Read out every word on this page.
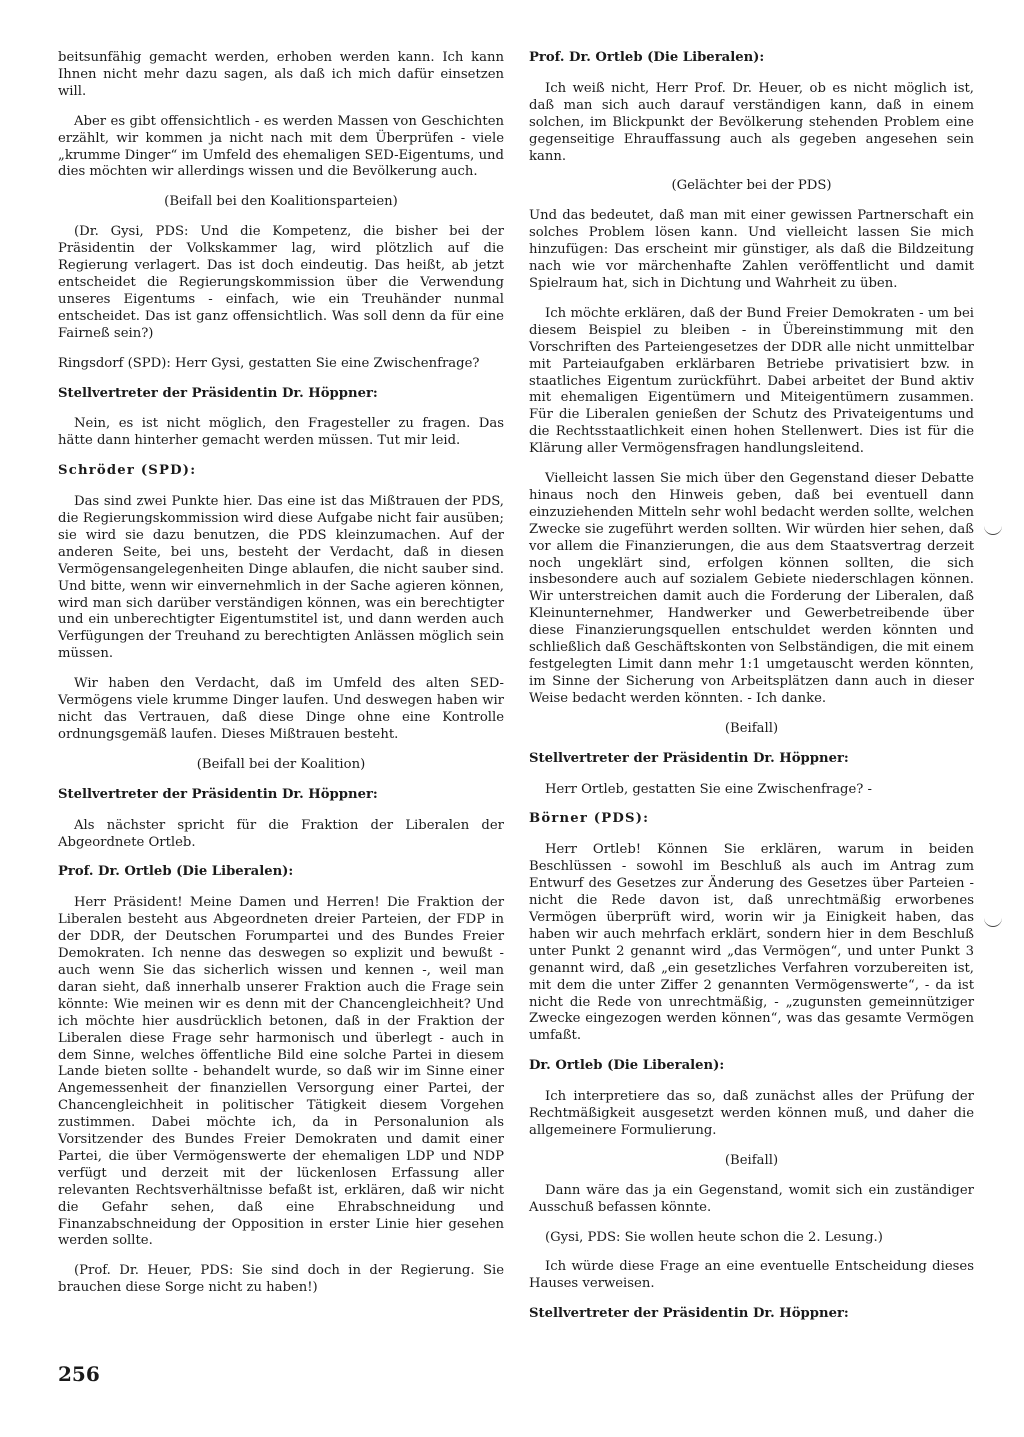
beitsunfähig gemacht werden, erhoben werden kann. Ich kann Ihnen nicht mehr dazu sagen, als daß ich mich dafür einsetzen will.

Aber es gibt offensichtlich - es werden Massen von Geschichten erzählt, wir kommen ja nicht nach mit dem Überprüfen - viele „krumme Dinger“ im Umfeld des ehemaligen SED-Eigentums, und dies möchten wir allerdings wissen und die Bevölkerung auch.

(Beifall bei den Koalitionsparteien)

(Dr. Gysi, PDS: Und die Kompetenz, die bisher bei der Präsidentin der Volkskammer lag, wird plötzlich auf die Regierung verlagert. Das ist doch eindeutig. Das heißt, ab jetzt entscheidet die Regierungskommission über die Verwendung unseres Eigentums - einfach, wie ein Treuhänder nunmal entscheidet. Das ist ganz offensichtlich. Was soll denn da für eine Fairneß sein?)

Ringsdorf (SPD): Herr Gysi, gestatten Sie eine Zwischenfrage?

Stellvertreter der Präsidentin Dr. Höppner:

Nein, es ist nicht möglich, den Fragesteller zu fragen. Das hätte dann hinterher gemacht werden müssen. Tut mir leid.

Schröder (SPD):

Das sind zwei Punkte hier. Das eine ist das Mißtrauen der PDS, die Regierungskommission wird diese Aufgabe nicht fair ausüben; sie wird sie dazu benutzen, die PDS kleinzumachen. Auf der anderen Seite, bei uns, besteht der Verdacht, daß in diesen Vermögensangelegenheiten Dinge ablaufen, die nicht sauber sind. Und bitte, wenn wir einvernehmlich in der Sache agieren können, wird man sich darüber verständigen können, was ein berechtigter und ein unberechtigter Eigentumstitel ist, und dann werden auch Verfügungen der Treuhand zu berechtigten Anlässen möglich sein müssen.

Wir haben den Verdacht, daß im Umfeld des alten SED-Vermögens viele krumme Dinger laufen. Und deswegen haben wir nicht das Vertrauen, daß diese Dinge ohne eine Kontrolle ordnungsgemäß laufen. Dieses Mißtrauen besteht.

(Beifall bei der Koalition)

Stellvertreter der Präsidentin Dr. Höppner:

Als nächster spricht für die Fraktion der Liberalen der Abgeordnete Ortleb.

Prof. Dr. Ortleb (Die Liberalen):

Herr Präsident! Meine Damen und Herren! Die Fraktion der Liberalen besteht aus Abgeordneten dreier Parteien, der FDP in der DDR, der Deutschen Forumpartei und des Bundes Freier Demokraten. Ich nenne das deswegen so explizit und bewußt - auch wenn Sie das sicherlich wissen und kennen -, weil man daran sieht, daß innerhalb unserer Fraktion auch die Frage sein könnte: Wie meinen wir es denn mit der Chancengleichheit? Und ich möchte hier ausdrücklich betonen, daß in der Fraktion der Liberalen diese Frage sehr harmonisch und überlegt - auch in dem Sinne, welches öffentliche Bild eine solche Partei in diesem Lande bieten sollte - behandelt wurde, so daß wir im Sinne einer Angemessenheit der finanziellen Versorgung einer Partei, der Chancengleichheit in politischer Tätigkeit diesem Vorgehen zustimmen. Dabei möchte ich, da in Personalunion als Vorsitzender des Bundes Freier Demokraten und damit einer Partei, die über Vermögenswerte der ehemaligen LDP und NDP verfügt und derzeit mit der lückenlosen Erfassung aller relevanten Rechtsverhältnisse befaßt ist, erklären, daß wir nicht die Gefahr sehen, daß eine Ehrabschneidung und Finanzabschneidung der Opposition in erster Linie hier gesehen werden sollte.

(Prof. Dr. Heuer, PDS: Sie sind doch in der Regierung. Sie brauchen diese Sorge nicht zu haben!)

Prof. Dr. Ortleb (Die Liberalen):

Ich weiß nicht, Herr Prof. Dr. Heuer, ob es nicht möglich ist, daß man sich auch darauf verständigen kann, daß in einem solchen, im Blickpunkt der Bevölkerung stehenden Problem eine gegenseitige Ehrauffassung auch als gegeben angesehen sein kann.

(Gelächter bei der PDS)

Und das bedeutet, daß man mit einer gewissen Partnerschaft ein solches Problem lösen kann. Und vielleicht lassen Sie mich hinzufügen: Das erscheint mir günstiger, als daß die Bildzeitung nach wie vor märchenhafte Zahlen veröffentlicht und damit Spielraum hat, sich in Dichtung und Wahrheit zu üben.

Ich möchte erklären, daß der Bund Freier Demokraten - um bei diesem Beispiel zu bleiben - in Übereinstimmung mit den Vorschriften des Parteiengesetzes der DDR alle nicht unmittelbar mit Parteiaufgaben erklärbaren Betriebe privatisiert bzw. in staatliches Eigentum zurückführt. Dabei arbeitet der Bund aktiv mit ehemaligen Eigentümern und Miteigentümern zusammen. Für die Liberalen genießen der Schutz des Privateigentums und die Rechtsstaatlichkeit einen hohen Stellenwert. Dies ist für die Klärung aller Vermögensfragen handlungsleitend.

Vielleicht lassen Sie mich über den Gegenstand dieser Debatte hinaus noch den Hinweis geben, daß bei eventuell dann einzuziehenden Mitteln sehr wohl bedacht werden sollte, welchen Zwecke sie zugeführt werden sollten. Wir würden hier sehen, daß vor allem die Finanzierungen, die aus dem Staatsvertrag derzeit noch ungeklärt sind, erfolgen können sollten, die sich insbesondere auch auf sozialem Gebiete niederschlagen können. Wir unterstreichen damit auch die Forderung der Liberalen, daß Kleinunternehmer, Handwerker und Gewerbetreibende über diese Finanzierungsquellen entschuldet werden könnten und schließlich daß Geschäftskonten von Selbständigen, die mit einem festgelegten Limit dann mehr 1:1 umgetauscht werden könnten, im Sinne der Sicherung von Arbeitsplätzen dann auch in dieser Weise bedacht werden könnten. - Ich danke.

(Beifall)

Stellvertreter der Präsidentin Dr. Höppner:

Herr Ortleb, gestatten Sie eine Zwischenfrage? -

Börner (PDS):

Herr Ortleb! Können Sie erklären, warum in beiden Beschlüssen - sowohl im Beschluß als auch im Antrag zum Entwurf des Gesetzes zur Änderung des Gesetzes über Parteien - nicht die Rede davon ist, daß unrechtmäßig erworbenes Vermögen überprüft wird, worin wir ja Einigkeit haben, das haben wir auch mehrfach erklärt, sondern hier in dem Beschluß unter Punkt 2 genannt wird „das Vermögen“, und unter Punkt 3 genannt wird, daß „ein gesetzliches Verfahren vorzubereiten ist, mit dem die unter Ziffer 2 genannten Vermögenswerte“, - da ist nicht die Rede von unrechtmäßig, - „zugunsten gemeinnütziger Zwecke eingezogen werden können“, was das gesamte Vermögen umfaßt.

Dr. Ortleb (Die Liberalen):

Ich interpretiere das so, daß zunächst alles der Prüfung der Rechtmäßigkeit ausgesetzt werden können muß, und daher die allgemeinere Formulierung.

(Beifall)

Dann wäre das ja ein Gegenstand, womit sich ein zuständiger Ausschuß befassen könnte.

(Gysi, PDS: Sie wollen heute schon die 2. Lesung.)

Ich würde diese Frage an eine eventuelle Entscheidung dieses Hauses verweisen.

Stellvertreter der Präsidentin Dr. Höppner:

256
